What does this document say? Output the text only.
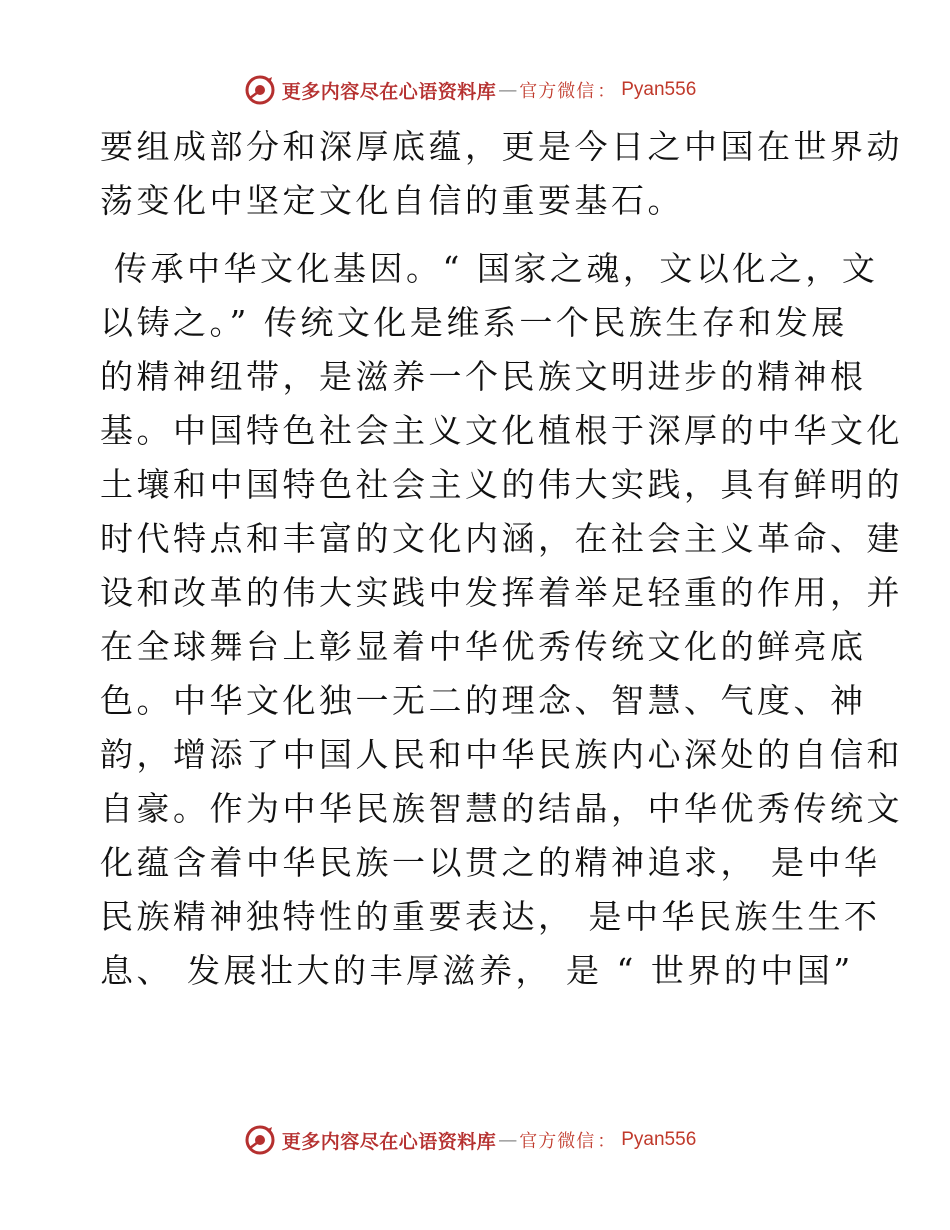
更多内容尽在心语资料库 — 官方微信 ： Pyan556

要组成部分和深厚底蕴，更是今日之中国在世界动
荡变化中坚定文化自信的重要基石。

传承中华文化基因。“ 国家之魂，文以化之，文
以铸之。” 传统文化是维系一个民族生存和发展
的精神纽带，是滋养一个民族文明进步的精神根
基。中国特色社会主义文化植根于深厚的中华文化
土壤和中国特色社会主义的伟大实践，具有鲜明的
时代特点和丰富的文化内涵，在社会主义革命、建
设和改革的伟大实践中发挥着举足轻重的作用，并
在全球舞台上彰显着中华优秀传统文化的鲜亮底
色。中华文化独一无二的理念、智慧、气度、神
韵，增添了中国人民和中华民族内心深处的自信和
自豪。作为中华民族智慧的结晶，中华优秀传统文
化蕴含着中华民族一以贯之的精神追求， 是中华
民族精神独特性的重要表达， 是中华民族生生不
息、 发展壮大的丰厚滋养， 是 “ 世界的中国”

更多内容尽在心语资料库 — 官方微信 ： Pyan556
